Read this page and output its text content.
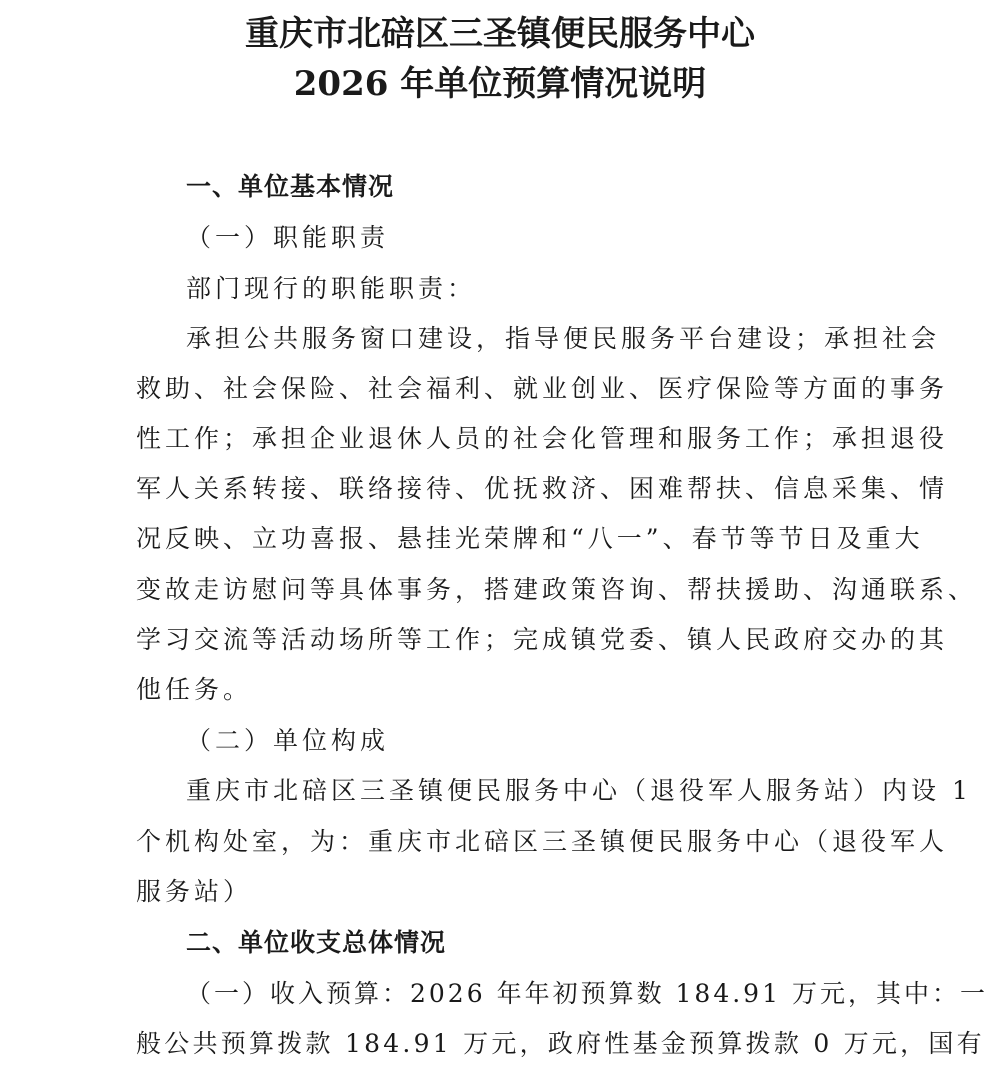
重庆市北碚区三圣镇便民服务中心
2026 年单位预算情况说明
一、单位基本情况
（一）职能职责
部门现行的职能职责：
承担公共服务窗口建设，指导便民服务平台建设；承担社会
救助、社会保险、社会福利、就业创业、医疗保险等方面的事务
性工作；承担企业退休人员的社会化管理和服务工作；承担退役
军人关系转接、联络接待、优抚救济、困难帮扶、信息采集、情
况反映、立功喜报、悬挂光荣牌和“八一”、春节等节日及重大
变故走访慰问等具体事务，搭建政策咨询、帮扶援助、沟通联系、
学习交流等活动场所等工作；完成镇党委、镇人民政府交办的其
他任务。
（二）单位构成
重庆市北碚区三圣镇便民服务中心（退役军人服务站）内设 1
个机构处室，为：重庆市北碚区三圣镇便民服务中心（退役军人
服务站）
二、单位收支总体情况
（一）收入预算：2026 年年初预算数 184.91 万元，其中：一
般公共预算拨款 184.91 万元，政府性基金预算拨款 0 万元，国有
